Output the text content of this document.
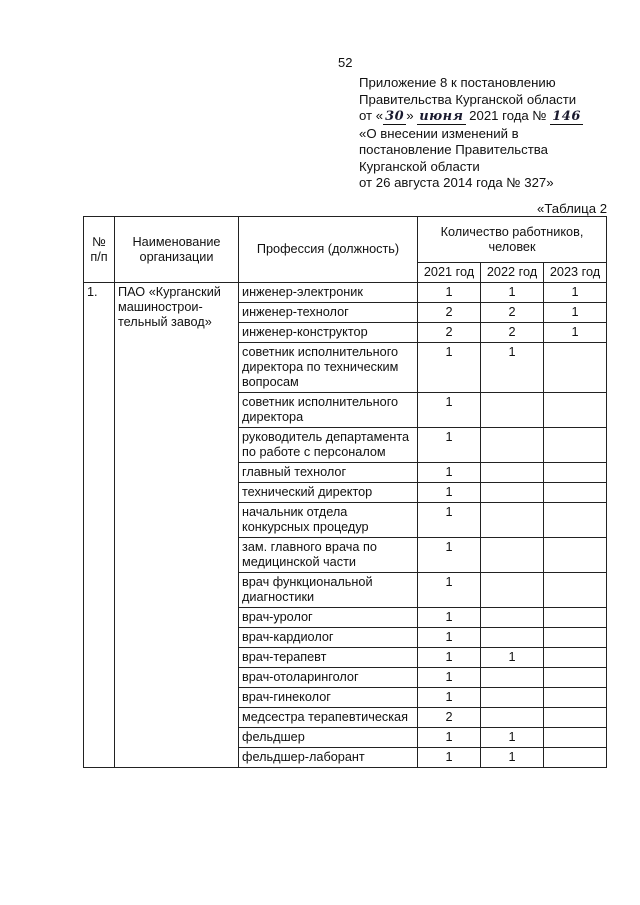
52
Приложение 8 к постановлению
Правительства Курганской области
от « 30 » июня 2021 года № 146
«О внесении изменений в
постановление Правительства
Курганской области
от 26 августа 2014 года № 327»
«Таблица 2
№ п/п	Наименование организации	Профессия (должность)	Количество работников, человек		
			2021 год	2022 год	2023 год
1.	ПАО «Курганский машинострои-тельный завод»	инженер-электроник	1	1	1
		инженер-технолог	2	2	1
		инженер-конструктор	2	2	1
		советник исполнительного директора по техническим вопросам	1	1	
		советник исполнительного директора	1		
		руководитель департамента по работе с персоналом	1		
		главный технолог	1		
		технический директор	1		
		начальник отдела конкурсных процедур	1		
		зам. главного врача по медицинской части	1		
		врач функциональной диагностики	1		
		врач-уролог	1		
		врач-кардиолог	1		
		врач-терапевт	1	1	
		врач-отоларинголог	1		
		врач-гинеколог	1		
		медсестра терапевтическая	2		
		фельдшер	1	1	
		фельдшер-лаборант	1	1	
